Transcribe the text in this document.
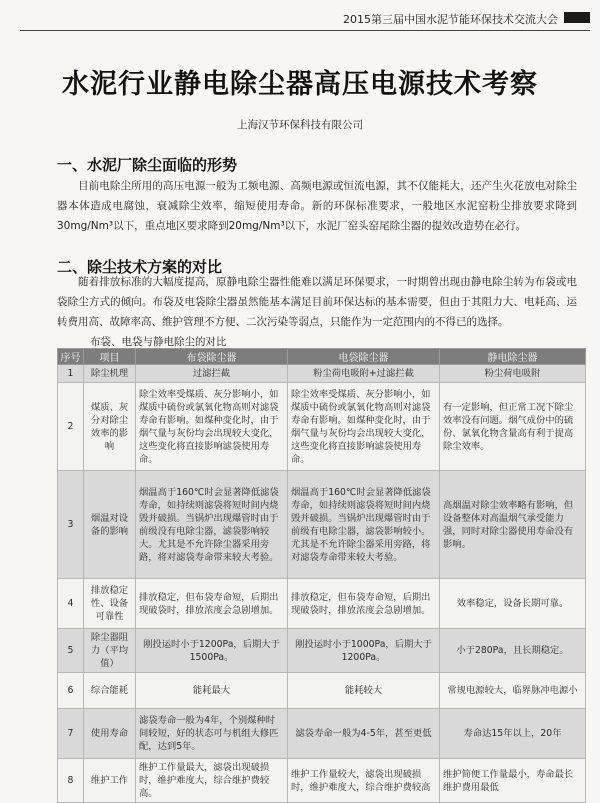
2015第三届中国水泥节能环保技术交流大会
水泥行业静电除尘器高压电源技术考察
上海汉节环保科技有限公司
一、水泥厂除尘面临的形势
目前电除尘所用的高压电源一般为工频电源、高频电源或恒流电源，其不仅能耗大，还产生火花放电对除尘器本体造成电腐蚀，衰减除尘效率，缩短使用寿命。新的环保标准要求，一般地区水泥窑粉尘排放要求降到30mg/Nm³以下，重点地区要求降到20mg/Nm³以下，水泥厂窑头窑尾除尘器的提效改造势在必行。
二、除尘技术方案的对比
随着排放标准的大幅度提高，原静电除尘器性能难以满足环保要求，一时期曾出现由静电除尘转为布袋或电袋除尘方式的倾向。布袋及电袋除尘器虽然能基本满足目前环保达标的基本需要，但由于其阻力大、电耗高、运转费用高、故障率高、维护管理不方便、二次污染等弱点，只能作为一定范围内的不得已的选择。
布袋、电袋与静电除尘的对比
序号	项目	布袋除尘器	电袋除尘器	静电除尘器
1	除尘机理	过滤拦截	粉尘荷电吸附+过滤拦截	粉尘荷电吸附
2	煤质、灰分对除尘效率的影响	除尘效率受煤质、灰分影响小，如煤质中硫份或氯氧化物高则对滤袋寿命有影响。如煤种变化时，由于烟气量与灰份均会出现较大变化，这些变化将直接影响滤袋使用寿命。	除尘效率受煤质、灰分影响小，如煤质中硫份或氯氧化物高则对滤袋寿命有影响。如煤种变化时，由于烟气量与灰份均会出现较大变化，这些变化将直接影响滤袋使用寿命。	有一定影响，但正常工况下除尘效率没有问题。烟气成份中的硫份、氯氧化物含量高有利于提高除尘效率。
3	烟温对设备的影响	烟温高于160℃时会显著降低滤袋寿命，如持续则滤袋将短时间内烧毁并破损。当锅炉出现爆管时由于前级没有电除尘器，滤袋影响较大。尤其是不允许除尘器采用旁路，将对滤袋寿命带来较大考验。	烟温高于160℃时会显著降低滤袋寿命，如持续则滤袋将短时间内烧毁并破损。当锅炉出现爆管时由于前级有电除尘器，滤袋影响较小。尤其是不允许除尘器采用旁路，将对滤袋寿命带来较大考验。	高烟温对除尘效率略有影响，但设备整体对高温烟气承受能力强，同时对除尘器使用寿命没有影响。
4	排放稳定性、设备可靠性	排放稳定，但布袋寿命短，后期出现破袋时，排放浓度会急剧增加。	排放稳定，但布袋寿命短，后期出现破袋时，排放浓度会急剧增加。	效率稳定，设备长期可靠。
5	除尘器阻力（平均值）	刚投运时小于1200Pa，后期大于1500Pa。	刚投运时小于1000Pa，后期大于1200Pa。	小于280Pa，且长期稳定。
6	综合能耗	能耗最大	能耗较大	常规电源较大，临界脉冲电源小
7	使用寿命	滤袋寿命一般为4年，个别煤种时间较短，好的状态可与机组大修匹配，达到5年。	滤袋寿命一般为4-5年，甚至更低	寿命达15年以上，20年
8	维护工作	维护工作量最大，滤袋出现破损时，维护难度大，综合维护费较高。	维护工作量较大，滤袋出现破损时，维护难度大，综合维护费较高	维护简便工作量最小，寿命最长维护费用最低
